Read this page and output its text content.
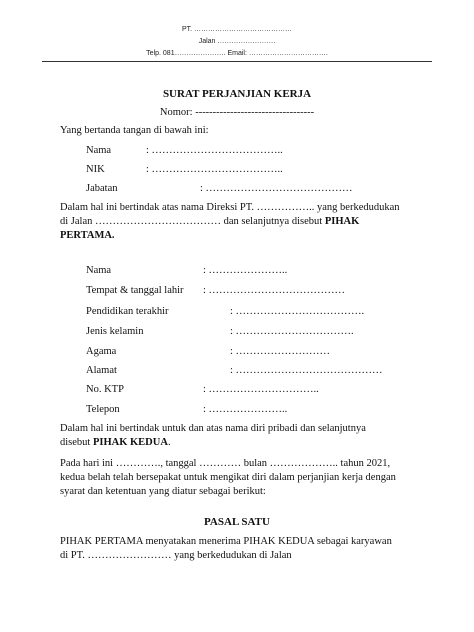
PT. ……………………………………
Jalan …………………….
Telp. 081…………………. Email: …………………………….
SURAT PERJANJIAN KERJA
Nomor: ----------------------------------
Yang bertanda tangan di bawah ini:
Nama	: ………………………………..
NIK	: ………………………………..
Jabatan	: ……………………………………
Dalam hal ini bertindak atas nama Direksi PT. …………….. yang berkedudukan
di Jalan ……………………………… dan selanjutnya disebut PIHAK
PERTAMA.
Nama	: …………………..
Tempat & tanggal lahir : …………………………………
Pendidikan terakhir	: ……………………………….
Jenis kelamin	: …………………………….
Agama	: ………………………
Alamat	: ……………………………………
No. KTP	: …………………………..
Telepon	: …………………..
Dalam hal ini bertindak untuk dan atas nama diri pribadi dan selanjutnya
disebut PIHAK KEDUA.
Pada hari ini …………., tanggal ………… bulan ……………….. tahun 2021,
kedua belah telah bersepakat untuk mengikat diri dalam perjanjian kerja dengan
syarat dan ketentuan yang diatur sebagai berikut:
PASAL SATU
PIHAK PERTAMA menyatakan menerima PIHAK KEDUA sebagai karyawan
di PT. …………………… yang berkedudukan di Jalan
